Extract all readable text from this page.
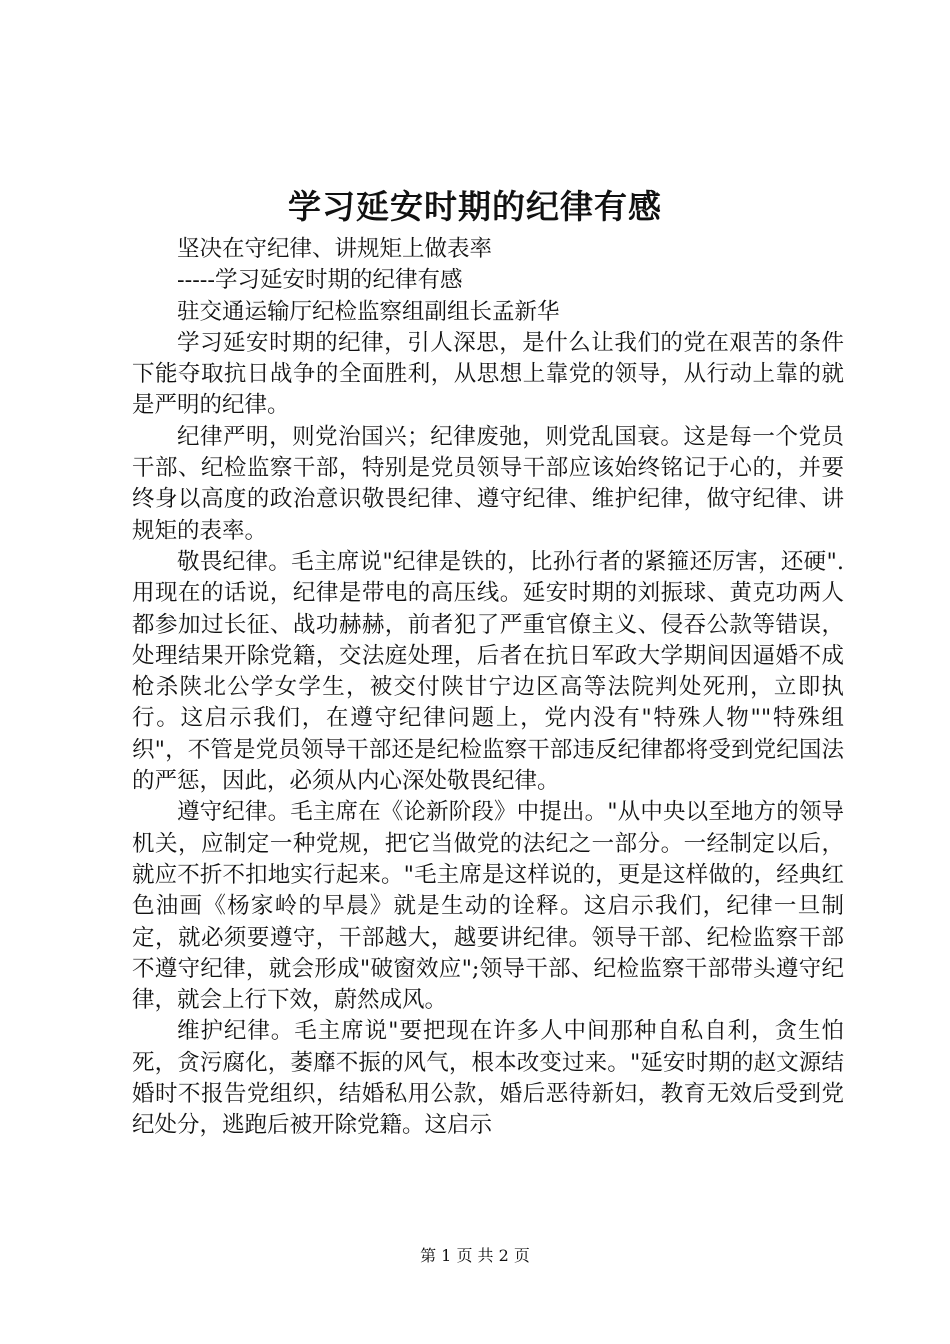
学习延安时期的纪律有感

坚决在守纪律、讲规矩上做表率

-----学习延安时期的纪律有感

驻交通运输厅纪检监察组副组长孟新华

学习延安时期的纪律，引人深思，是什么让我们的党在艰苦的条件下能夺取抗日战争的全面胜利，从思想上靠党的领导，从行动上靠的就是严明的纪律。

纪律严明，则党治国兴；纪律废弛，则党乱国衰。这是每一个党员干部、纪检监察干部，特别是党员领导干部应该始终铭记于心的，并要终身以高度的政治意识敬畏纪律、遵守纪律、维护纪律，做守纪律、讲规矩的表率。

敬畏纪律。毛主席说"纪律是铁的，比孙行者的紧箍还厉害，还硬".用现在的话说，纪律是带电的高压线。延安时期的刘振球、黄克功两人都参加过长征、战功赫赫，前者犯了严重官僚主义、侵吞公款等错误，处理结果开除党籍，交法庭处理，后者在抗日军政大学期间因逼婚不成枪杀陕北公学女学生，被交付陕甘宁边区高等法院判处死刑，立即执行。这启示我们，在遵守纪律问题上，党内没有"特殊人物""特殊组织"，不管是党员领导干部还是纪检监察干部违反纪律都将受到党纪国法的严惩，因此，必须从内心深处敬畏纪律。

遵守纪律。毛主席在《论新阶段》中提出。"从中央以至地方的领导机关，应制定一种党规，把它当做党的法纪之一部分。一经制定以后，就应不折不扣地实行起来。"毛主席是这样说的，更是这样做的，经典红色油画《杨家岭的早晨》就是生动的诠释。这启示我们，纪律一旦制定，就必须要遵守，干部越大，越要讲纪律。领导干部、纪检监察干部不遵守纪律，就会形成"破窗效应";领导干部、纪检监察干部带头遵守纪律，就会上行下效，蔚然成风。

维护纪律。毛主席说"要把现在许多人中间那种自私自利，贪生怕死，贪污腐化，萎靡不振的风气，根本改变过来。"延安时期的赵文源结婚时不报告党组织，结婚私用公款，婚后恶待新妇，教育无效后受到党纪处分，逃跑后被开除党籍。这启示

第 1 页 共 2 页
